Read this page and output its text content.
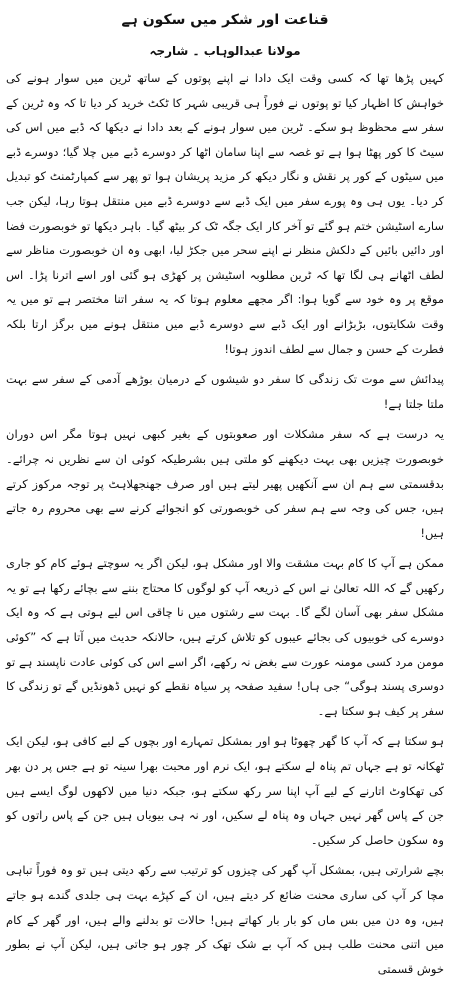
قناعت اور شکر میں سکون ہے
مولانا عبدالوہاب ۔ شارجہ

کہیں پڑھا تھا کہ کسی وقت ایک دادا نے اپنے پوتوں کے ساتھ ٹرین میں سوار ہونے کی خواہش کا اظہار کیا تو پوتوں نے فوراً ہی قریبی شہر کا ٹکٹ خرید کر دیا تا کہ وہ ٹرین کے سفر سے محظوظ ہو سکے۔ ٹرین میں سوار ہونے کے بعد دادا نے دیکھا کہ ڈبے میں اس کی سیٹ کا کور پھٹا ہوا ہے تو غصہ سے اپنا سامان اٹھا کر دوسرے ڈبے میں چلا گیا؛ دوسرے ڈبے میں سیٹوں کے کور پر نقش و نگار دیکھ کر مزید پریشان ہوا تو پھر سے کمپارٹمنٹ کو تبدیل کر دیا۔ یوں ہی وہ پورے سفر میں ایک ڈبے سے دوسرے ڈبے میں منتقل ہوتا رہا، لیکن جب سارے اسٹیشن ختم ہو گئے تو آخر کار ایک جگہ ٹک کر بیٹھ گیا۔ باہر دیکھا تو خوبصورت فضا اور دائیں بائیں کے دلکش منظر نے اپنے سحر میں جکڑ لیا، ابھی وہ ان خوبصورت مناظر سے لطف اٹھانے ہی لگا تھا کہ ٹرین مطلوبہ اسٹیشن پر کھڑی ہو گئی اور اسے اترنا پڑا۔ اس موقع پر وہ خود سے گویا ہوا: اگر مجھے معلوم ہوتا کہ یہ سفر اتنا مختصر ہے تو میں یہ وقت شکایتوں، بڑبڑانے اور ایک ڈبے سے دوسرے ڈبے میں منتقل ہونے میں برگز ارتا بلکہ فطرت کے حسن و جمال سے لطف اندوز ہوتا!

پیدائش سے موت تک زندگی کا سفر دو شیشوں کے درمیان بوڑھے آدمی کے سفر سے بہت ملتا جلتا ہے!

یہ درست ہے کہ سفر مشکلات اور صعوبتوں کے بغیر کبھی نہیں ہوتا مگر اس دوران خوبصورت چیزیں بھی بہت دیکھنے کو ملتی ہیں بشرطیکہ کوئی ان سے نظریں نہ چرائے۔ بدقسمتی سے ہم ان سے آنکھیں پھیر لیتے ہیں اور صرف جھنجھلاہٹ پر توجہ مرکوز کرتے ہیں، جس کی وجہ سے ہم سفر کی خوبصورتی کو انجوائے کرنے سے بھی محروم رہ جاتے ہیں!

ممکن ہے آپ کا کام بہت مشقت والا اور مشکل ہو، لیکن اگر یہ سوچتے ہوئے کام کو جاری رکھیں گے کہ اللہ تعالیٰ نے اس کے ذریعہ آپ کو لوگوں کا محتاج بننے سے بچائے رکھا ہے تو یہ مشکل سفر بھی آسان لگے گا۔ بہت سے رشتوں میں نا چاقی اس لیے ہوتی ہے کہ وہ ایک دوسرے کی خوبیوں کی بجائے عیبوں کو تلاش کرتے ہیں، حالانکہ حدیث میں آتا ہے کہ ”کوئی مومن مرد کسی مومنہ عورت سے بغض نہ رکھے، اگر اسے اس کی کوئی عادت ناپسند ہے تو دوسری پسند ہوگی“ جی ہاں! سفید صفحہ پر سیاہ نقطے کو نہیں ڈھونڈیں گے تو زندگی کا سفر پر کیف ہو سکتا ہے۔

ہو سکتا ہے کہ آپ کا گھر چھوٹا ہو اور بمشکل تمہارے اور بچوں کے لیے کافی ہو، لیکن ایک ٹھکانہ تو ہے جہاں تم پناہ لے سکتے ہو، ایک نرم اور محبت بھرا سینہ تو ہے جس پر دن بھر کی تھکاوٹ اتارنے کے لیے آپ اپنا سر رکھ سکتے ہو، جبکہ دنیا میں لاکھوں لوگ ایسے ہیں جن کے پاس گھر نہیں جہاں وہ پناہ لے سکیں، اور نہ ہی بیویاں ہیں جن کے پاس راتوں کو وہ سکون حاصل کر سکیں۔

بچے شرارتی ہیں، بمشکل آپ گھر کی چیزوں کو ترتیب سے رکھ دیتی ہیں تو وہ فوراً تباہی مچا کر آپ کی ساری محنت ضائع کر دیتے ہیں، ان کے کپڑے بہت ہی جلدی گندے ہو جاتے ہیں، وہ دن میں بس ماں کو بار بار کھاتے ہیں! حالات تو بدلنے والے ہیں، اور گھر کے کام میں اتنی محنت طلب ہیں کہ آپ بے شک تھک کر چور ہو جاتی ہیں، لیکن آپ نے بطور خوش قسمتی
